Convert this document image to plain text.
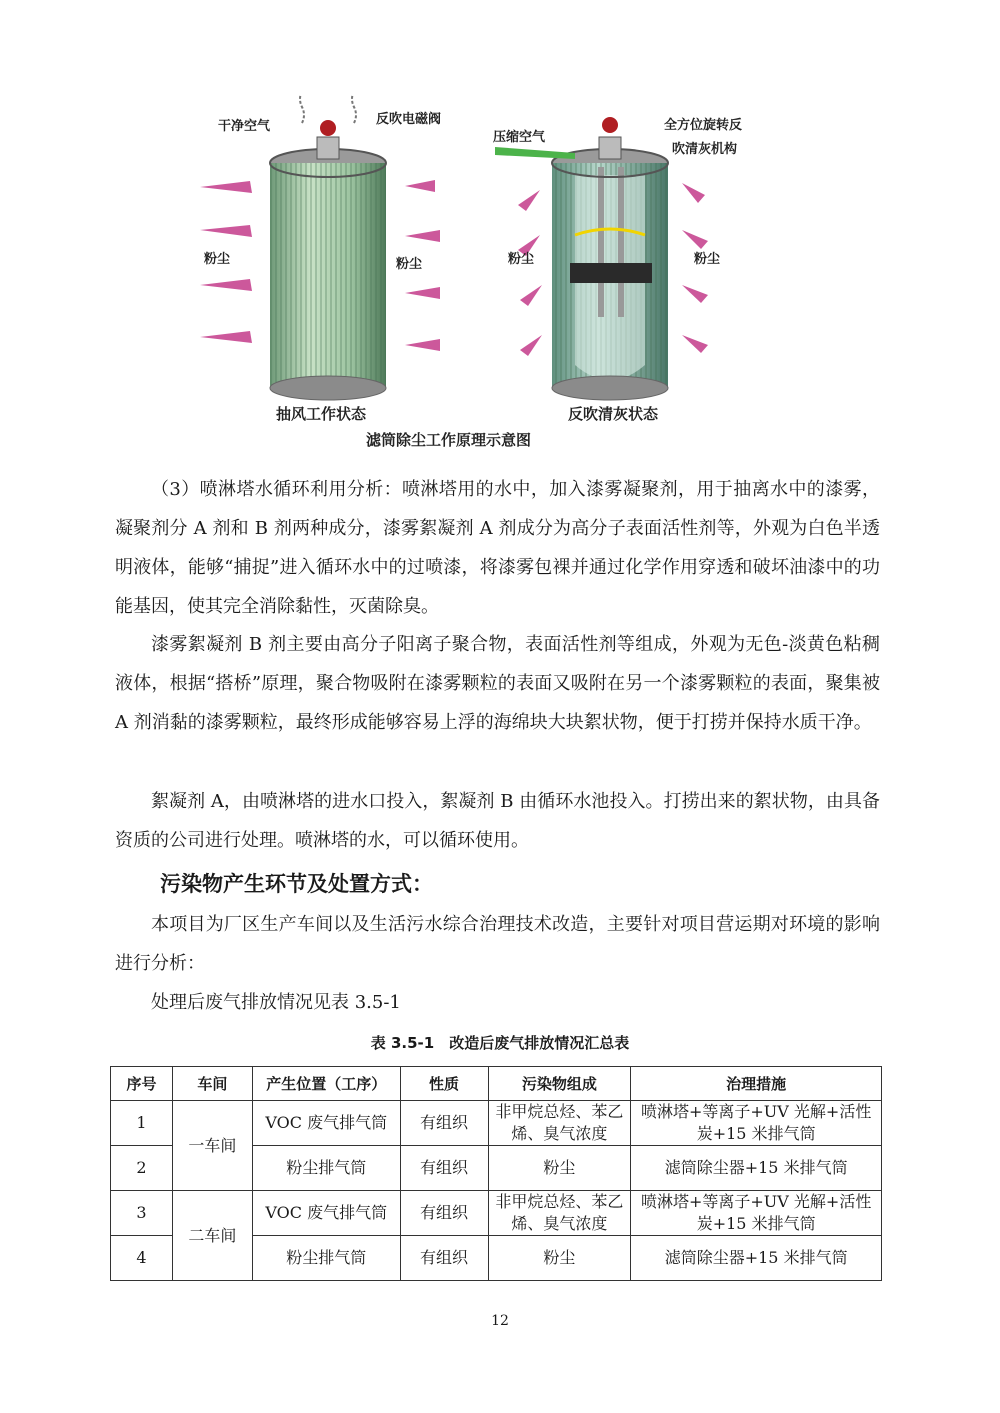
干净空气	反吹电磁阀
压缩空气
全方位旋转反
吹清灰机构
粉尘	粉尘	粉尘	粉尘
抽风工作状态	反吹清灰状态
滤筒除尘工作原理示意图

（3）喷淋塔水循环利用分析：喷淋塔用的水中，加入漆雾凝聚剂，用于抽离水中的漆雾，凝聚剂分 A 剂和 B 剂两种成分，漆雾絮凝剂 A 剂成分为高分子表面活性剂等，外观为白色半透明液体，能够“捕捉”进入循环水中的过喷漆，将漆雾包裸并通过化学作用穿透和破坏油漆中的功能基因，使其完全消除黏性，灭菌除臭。

漆雾絮凝剂 B 剂主要由高分子阳离子聚合物，表面活性剂等组成，外观为无色-淡黄色粘稠液体，根据“搭桥”原理，聚合物吸附在漆雾颗粒的表面又吸附在另一个漆雾颗粒的表面，聚集被 A 剂消黏的漆雾颗粒，最终形成能够容易上浮的海绵块大块絮状物，便于打捞并保持水质干净。

絮凝剂 A，由喷淋塔的进水口投入，絮凝剂 B 由循环水池投入。打捞出来的絮状物，由具备资质的公司进行处理。喷淋塔的水，可以循环使用。

污染物产生环节及处置方式：

本项目为厂区生产车间以及生活污水综合治理技术改造，主要针对项目营运期对环境的影响进行分析：

处理后废气排放情况见表 3.5-1

表 3.5-1　改造后废气排放情况汇总表
序号	车间	产生位置（工序）	性质	污染物组成	治理措施
1	一车间	VOC 废气排气筒	有组织	非甲烷总烃、苯乙烯、臭气浓度	喷淋塔+等离子+UV 光解+活性炭+15 米排气筒
2		粉尘排气筒	有组织	粉尘	滤筒除尘器+15 米排气筒
3	二车间	VOC 废气排气筒	有组织	非甲烷总烃、苯乙烯、臭气浓度	喷淋塔+等离子+UV 光解+活性炭+15 米排气筒
4		粉尘排气筒	有组织	粉尘	滤筒除尘器+15 米排气筒
12
